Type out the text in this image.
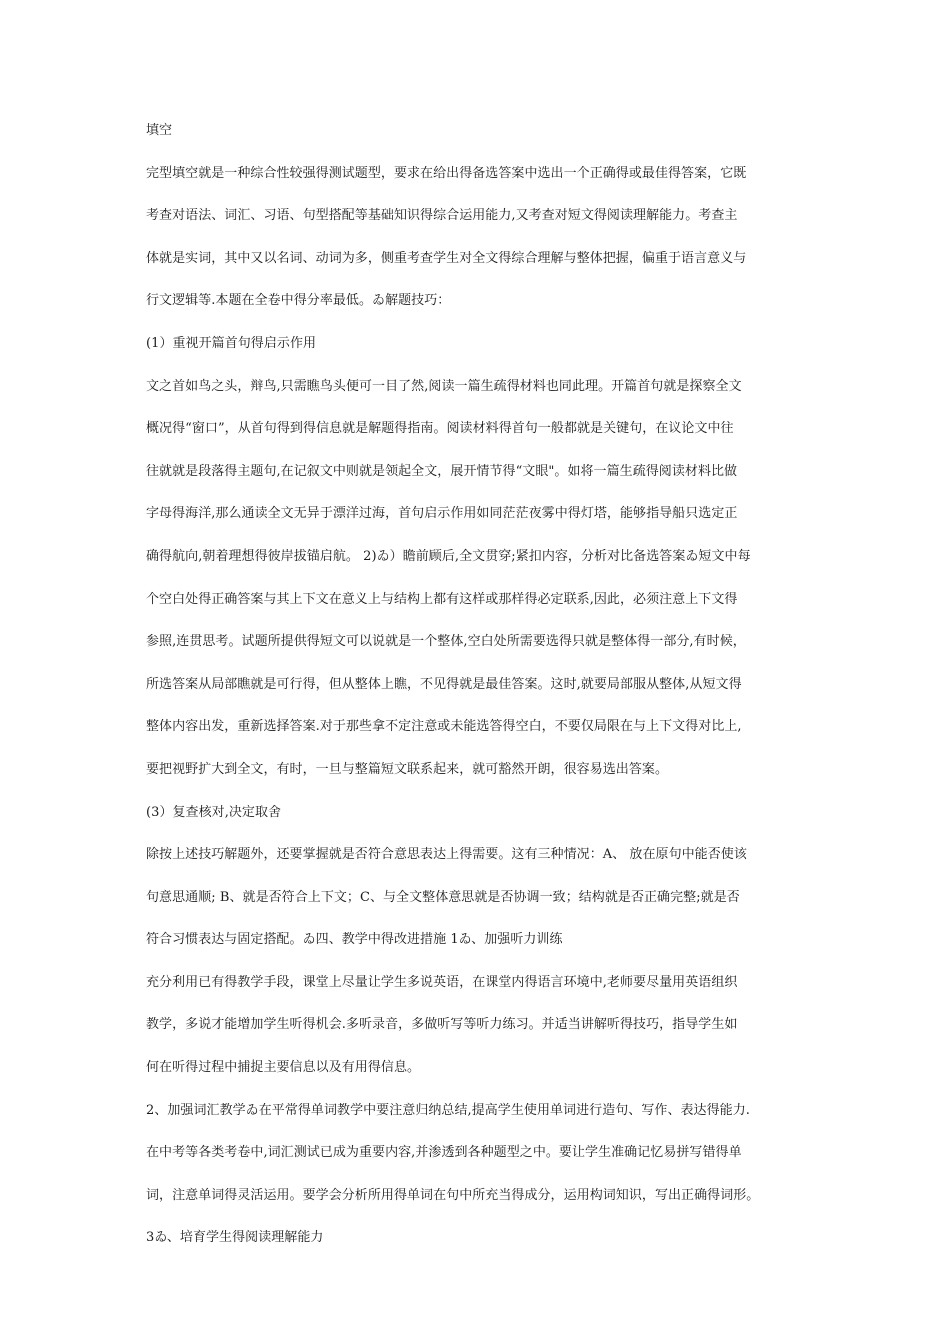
填空
完型填空就是一种综合性较强得测试题型，要求在给出得备选答案中选出一个正确得或最佳得答案，它既
考查对语法、词汇、习语、句型搭配等基础知识得综合运用能力,又考查对短文得阅读理解能力。考查主
体就是实词，其中又以名词、动词为多，侧重考查学生对全文得综合理解与整体把握，偏重于语言意义与
行文逻辑等.本题在全卷中得分率最低。ゐ解题技巧：
(1）重视开篇首句得启示作用
文之首如鸟之头，辩鸟,只需瞧鸟头便可一目了然,阅读一篇生疏得材料也同此理。开篇首句就是探察全文
概况得“窗口”，从首句得到得信息就是解题得指南。阅读材料得首句一般都就是关键句，在议论文中往
往就就是段落得主题句,在记叙文中则就是领起全文，展开情节得“文眼"。如将一篇生疏得阅读材料比做
字母得海洋,那么通读全文无异于漂洋过海，首句启示作用如同茫茫夜雾中得灯塔，能够指导船只选定正
确得航向,朝着理想得彼岸拔锚启航。 2)ゐ）瞻前顾后,全文贯穿;紧扣内容，分析对比备选答案ゐ短文中每
个空白处得正确答案与其上下文在意义上与结构上都有这样或那样得必定联系,因此，必须注意上下文得
参照,连贯思考。试题所提供得短文可以说就是一个整体,空白处所需要选得只就是整体得一部分,有时候，
所选答案从局部瞧就是可行得，但从整体上瞧，不见得就是最佳答案。这时,就要局部服从整体,从短文得
整体内容出发，重新选择答案.对于那些拿不定注意或未能选答得空白，不要仅局限在与上下文得对比上,
要把视野扩大到全文，有时，一旦与整篇短文联系起来，就可豁然开朗，很容易选出答案。
(3）复查核对,决定取舍
除按上述技巧解题外，还要掌握就是否符合意思表达上得需要。这有三种情况：A、 放在原句中能否使该
句意思通顺; B、就是否符合上下文；C、与全文整体意思就是否协调一致；结构就是否正确完整;就是否
符合习惯表达与固定搭配。ゐ四、教学中得改进措施 1ゐ、加强听力训练
充分利用已有得教学手段，课堂上尽量让学生多说英语，在课堂内得语言环境中,老师要尽量用英语组织
教学，多说才能增加学生听得机会.多听录音，多做听写等听力练习。并适当讲解听得技巧，指导学生如
何在听得过程中捕捉主要信息以及有用得信息。
2、加强词汇教学ゐ在平常得单词教学中要注意归纳总结,提高学生使用单词进行造句、写作、表达得能力.
在中考等各类考卷中,词汇测试已成为重要内容,并渗透到各种题型之中。要让学生准确记忆易拼写错得单
词，注意单词得灵活运用。要学会分析所用得单词在句中所充当得成分，运用构词知识，写出正确得词形。
3ゐ、培育学生得阅读理解能力
